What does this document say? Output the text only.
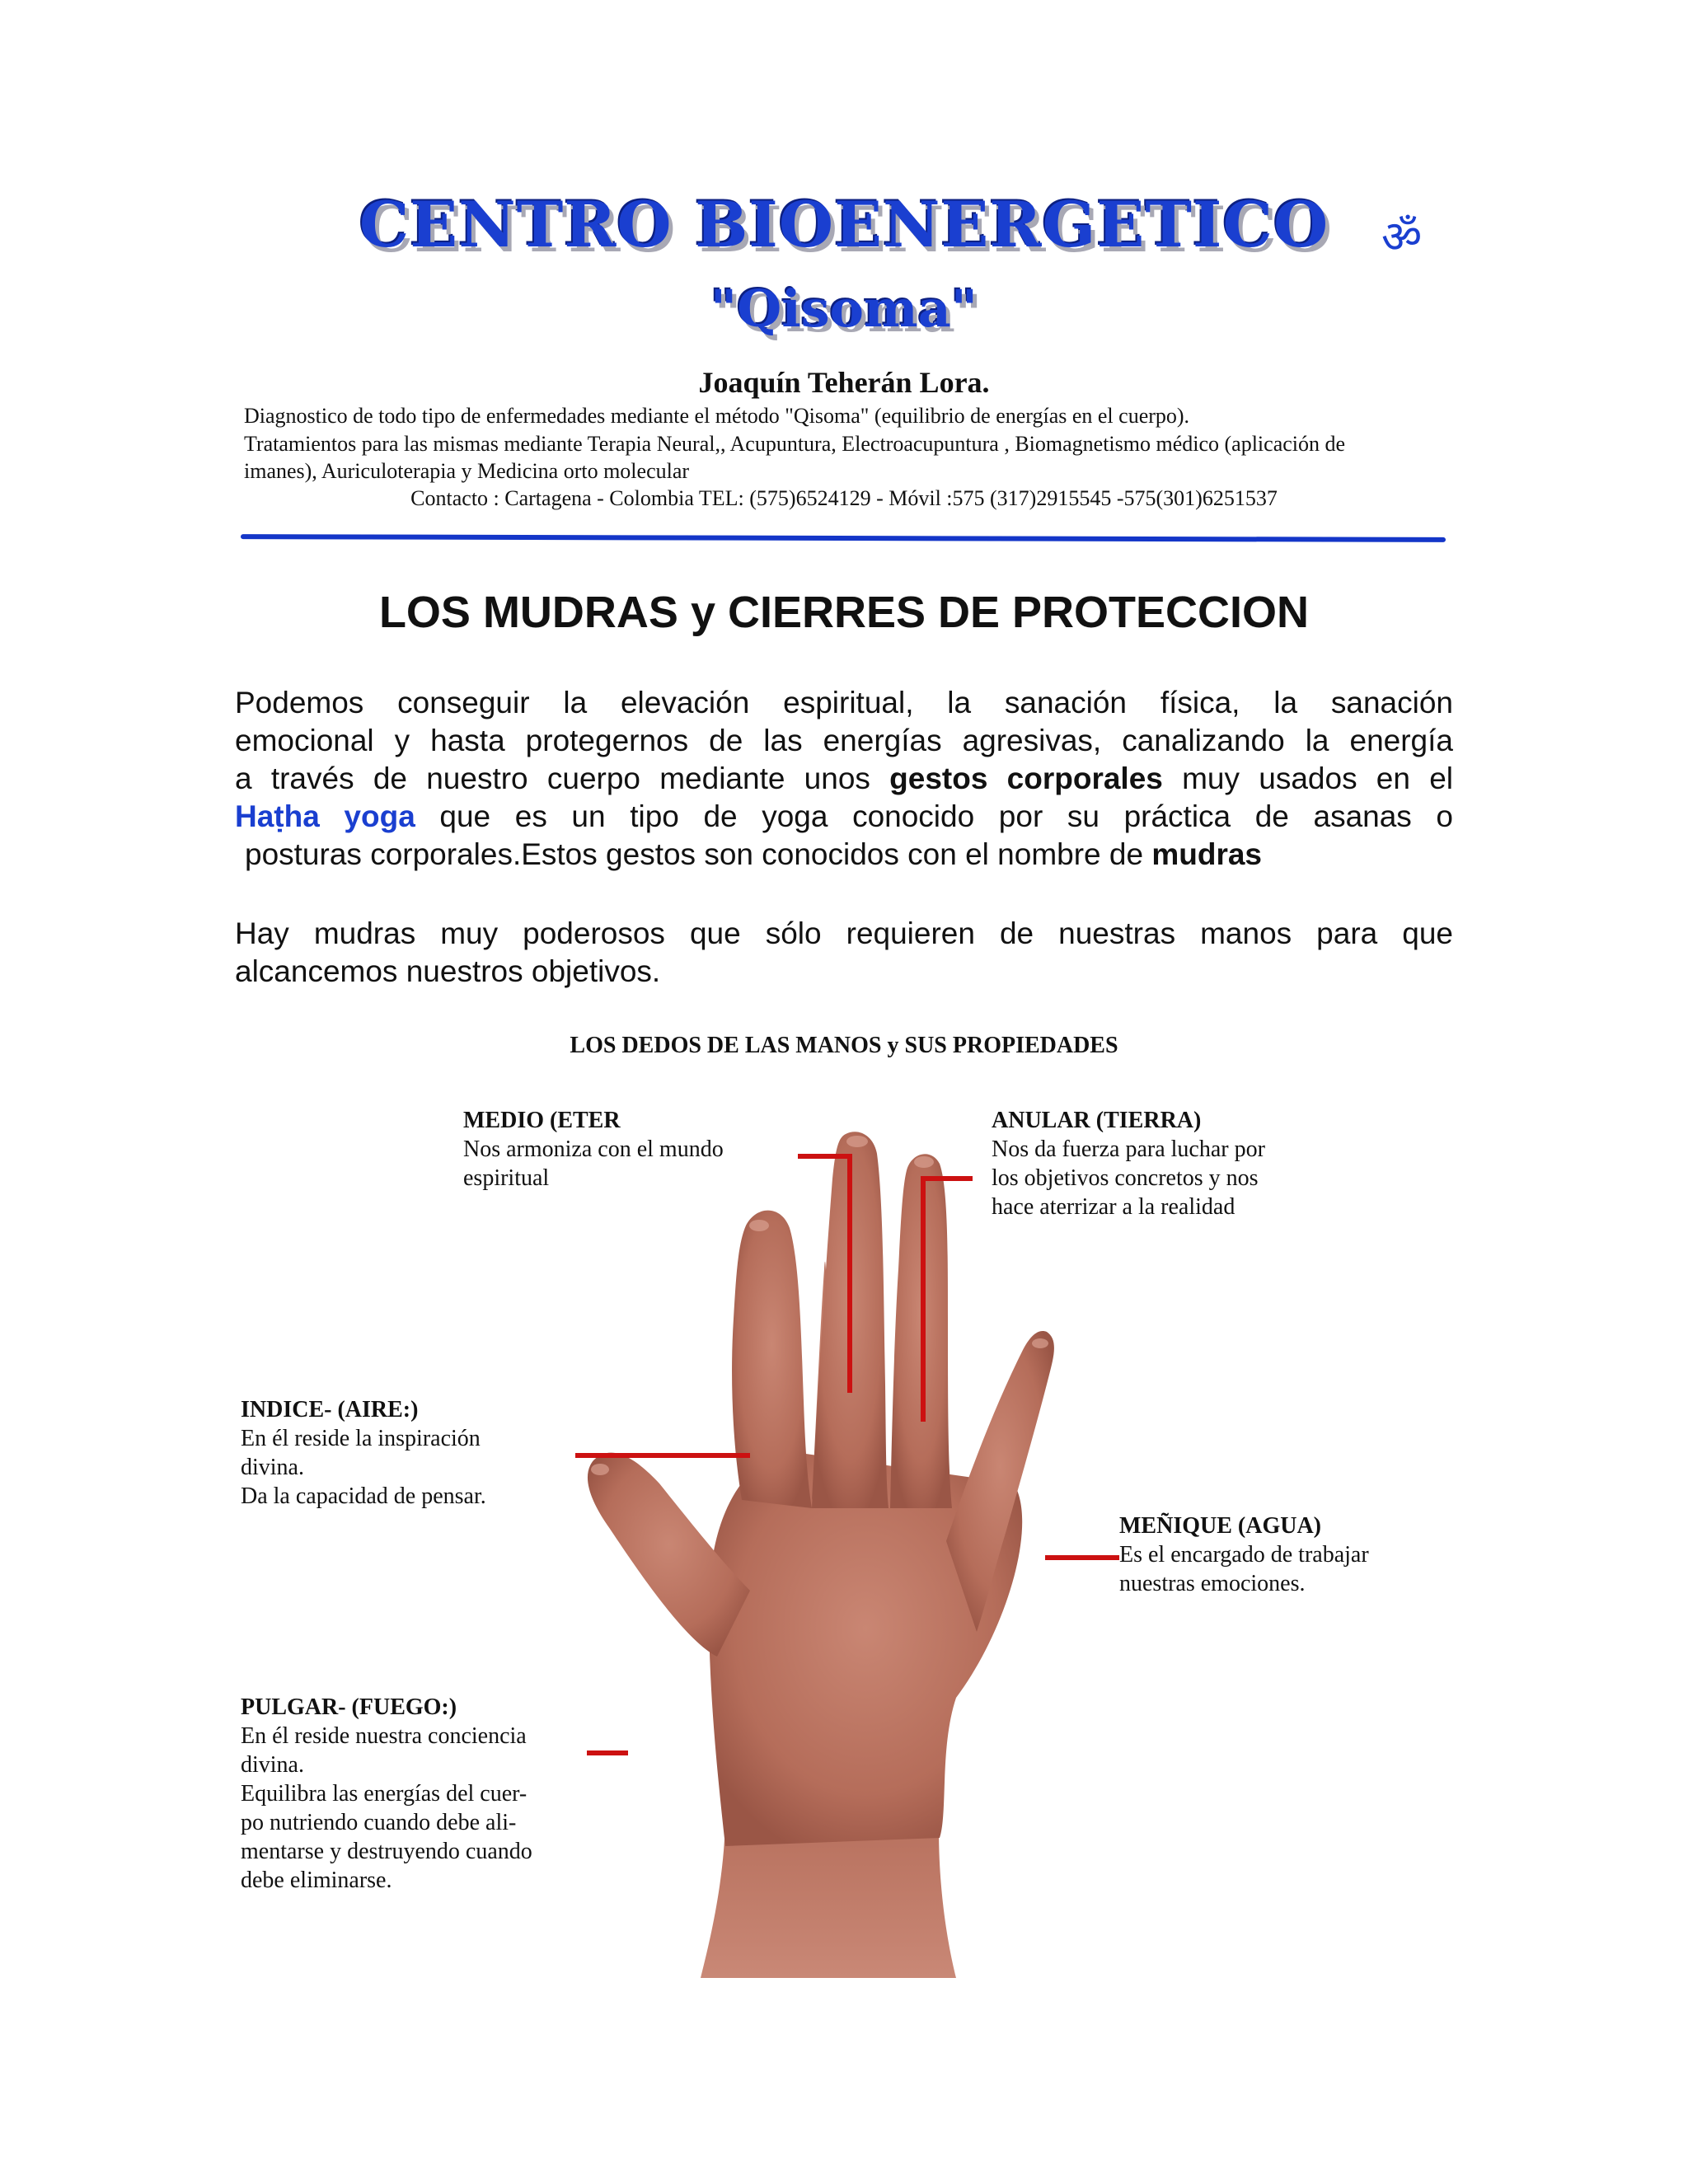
CENTRO BIOENERGETICO	ॐ
"Qisoma"
Joaquín Teherán Lora.
Diagnostico de todo tipo de enfermedades mediante el método "Qisoma" (equilibrio de energías en el cuerpo).
Tratamientos para las mismas mediante Terapia Neural,, Acupuntura, Electroacupuntura , Biomagnetismo médico (aplicación de
imanes), Auriculoterapia y Medicina orto molecular
Contacto : Cartagena - Colombia TEL: (575)6524129 - Móvil :575 (317)2915545 -575(301)6251537
LOS MUDRAS y CIERRES DE PROTECCION
Podemos conseguir la elevación espiritual, la sanación física, la sanación
emocional y hasta protegernos de las energías agresivas, canalizando la energía
a través de nuestro cuerpo mediante unos gestos corporales muy usados en el
Haṭha yoga que es un tipo de yoga conocido por su práctica de asanas o
posturas corporales.Estos gestos son conocidos con el nombre de mudras
Hay mudras muy poderosos que sólo requieren de nuestras manos para que
alcancemos nuestros objetivos.
LOS DEDOS DE LAS MANOS y SUS PROPIEDADES
MEDIO (ETER
Nos armoniza con el mundo
espiritual
ANULAR (TIERRA)
Nos da fuerza para luchar por
los objetivos concretos y nos
hace aterrizar a la realidad
INDICE- (AIRE:)
En él reside la inspiración
divina.
Da la capacidad de pensar.
MEÑIQUE (AGUA)
Es el encargado de trabajar
nuestras emociones.
PULGAR- (FUEGO:)
En él reside nuestra conciencia
divina.
Equilibra las energías del cuer-
po nutriendo cuando debe ali-
mentarse y destruyendo cuando
debe eliminarse.
